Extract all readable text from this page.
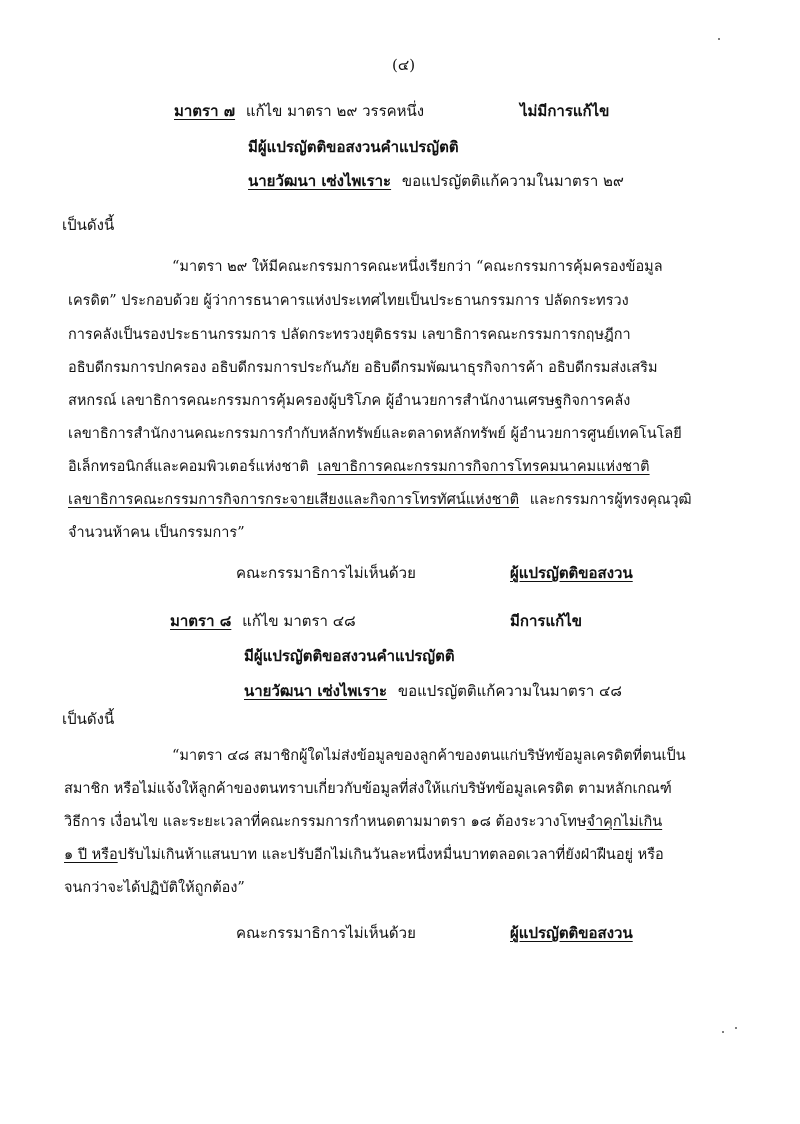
(๔)
มาตรา ๗ แก้ไข มาตรา ๒๙ วรรคหนึ่ง	ไม่มีการแก้ไข
มีผู้แปรญัตติขอสงวนคำแปรญัตติ
นายวัฒนา เซ่งไพเราะ ขอแปรญัตติแก้ความในมาตรา ๒๙
เป็นดังนี้
“มาตรา ๒๙ ให้มีคณะกรรมการคณะหนึ่งเรียกว่า “คณะกรรมการคุ้มครองข้อมูล
เครดิต” ประกอบด้วย ผู้ว่าการธนาคารแห่งประเทศไทยเป็นประธานกรรมการ ปลัดกระทรวง
การคลังเป็นรองประธานกรรมการ ปลัดกระทรวงยุติธรรม เลขาธิการคณะกรรมการกฤษฎีกา
อธิบดีกรมการปกครอง อธิบดีกรมการประกันภัย อธิบดีกรมพัฒนาธุรกิจการค้า อธิบดีกรมส่งเสริม
สหกรณ์ เลขาธิการคณะกรรมการคุ้มครองผู้บริโภค ผู้อำนวยการสำนักงานเศรษฐกิจการคลัง
เลขาธิการสำนักงานคณะกรรมการกำกับหลักทรัพย์และตลาดหลักทรัพย์ ผู้อำนวยการศูนย์เทคโนโลยี
อิเล็กทรอนิกส์และคอมพิวเตอร์แห่งชาติ เลขาธิการคณะกรรมการกิจการโทรคมนาคมแห่งชาติ
เลขาธิการคณะกรรมการกิจการกระจายเสียงและกิจการโทรทัศน์แห่งชาติ และกรรมการผู้ทรงคุณวุฒิ
จำนวนห้าคน เป็นกรรมการ”
คณะกรรมาธิการไม่เห็นด้วย	ผู้แปรญัตติขอสงวน
มาตรา ๘ แก้ไข มาตรา ๔๘	มีการแก้ไข
มีผู้แปรญัตติขอสงวนคำแปรญัตติ
นายวัฒนา เซ่งไพเราะ ขอแปรญัตติแก้ความในมาตรา ๔๘
เป็นดังนี้
“มาตรา ๔๘ สมาชิกผู้ใดไม่ส่งข้อมูลของลูกค้าของตนแก่บริษัทข้อมูลเครดิตที่ตนเป็น
สมาชิก หรือไม่แจ้งให้ลูกค้าของตนทราบเกี่ยวกับข้อมูลที่ส่งให้แก่บริษัทข้อมูลเครดิต ตามหลักเกณฑ์
วิธีการ เงื่อนไข และระยะเวลาที่คณะกรรมการกำหนดตามมาตรา ๑๘ ต้องระวางโทษจำคุกไม่เกิน
๑ ปี หรือปรับไม่เกินห้าแสนบาท และปรับอีกไม่เกินวันละหนึ่งหมื่นบาทตลอดเวลาที่ยังฝ่าฝืนอยู่ หรือ
จนกว่าจะได้ปฏิบัติให้ถูกต้อง”
คณะกรรมาธิการไม่เห็นด้วย	ผู้แปรญัตติขอสงวน
